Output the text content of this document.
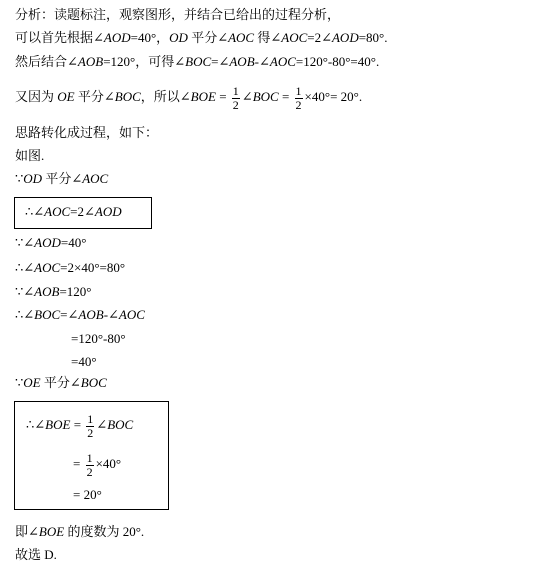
分析：读题标注，观察图形，并结合已给出的过程分析，
可以首先根据∠AOD=40°，OD 平分∠AOC 得∠AOC=2∠AOD=80°.
然后结合∠AOB=120°，可得∠BOC=∠AOB-∠AOC=120°-80°=40°.
又因为 OE 平分∠BOC，所以∠BOE = $\frac{1}{2}$ ∠BOC = $\frac{1}{2} \times 40^\circ= 20^\circ$.
思路转化成过程，如下：
如图.
∵OD 平分∠AOC
∴∠AOC=2∠AOD
∵∠AOD=40°
∴∠AOC=2×40°=80°
∵∠AOB=120°
∴∠BOC=∠AOB-∠AOC
=120°-80°
=40°
∵OE 平分∠BOC
∴∠BOE = $\frac{1}{2}$ ∠BOC
= $\frac{1}{2} \times 40^\circ$
= 20°
即∠BOE 的度数为 20°.
故选 D.
